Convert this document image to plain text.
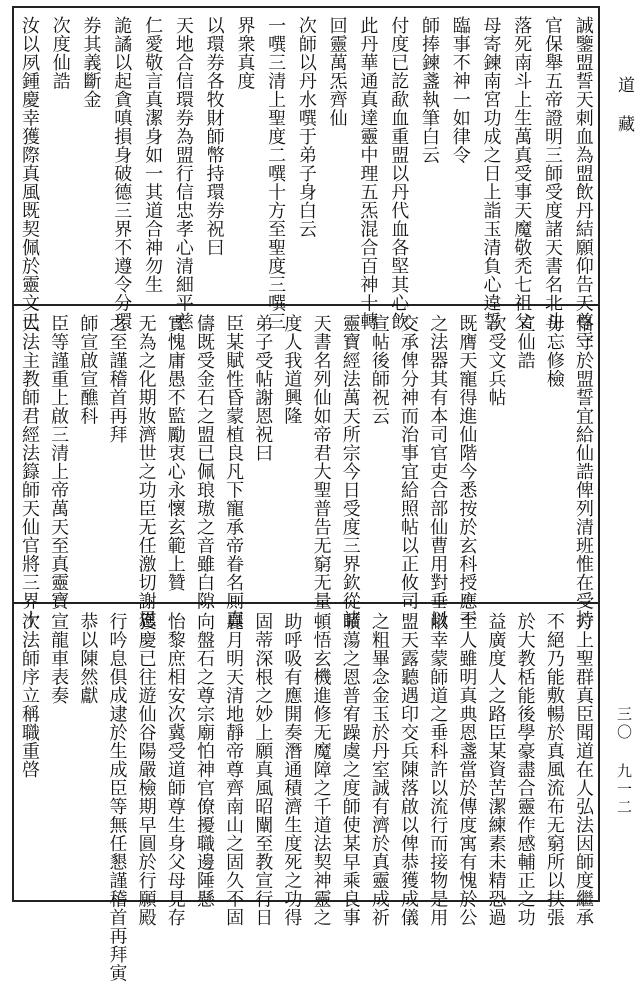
誠鑒盟誓天刺血為盟飲丹結願仰告天尊三
官保舉五帝證明三師受度諸天書名北斗
落死南斗上生萬真受事天魔敬禿七祖父
母寄鍊南宮功成之日上詣玉清負心違誓
臨事不神一如律令
師捧鍊盞執筆白云
付度已訖歃血重盟以丹代血各堅其心飲
此丹華通真達靈中理五炁混合百神十轉
回靈萬炁齊仙
次師以丹水噀于弟子身白云
一噀三清上聖度二噀十方至聖度三噀三
界衆真度
以環券各牧財師幣持環券祝曰
天地合信環券為盟行信忠孝心清細平慈
仁愛敬言真潔身如一其道合神勿生
詭譎以起貪嗔損身破德三界不遵令分環
券其義斷金
次度仙誥
汝以夙鍾慶幸獲際真風既契佩於靈文已
恪守於盟誓宜給仙誥俾列清班惟在受持
毋忘修檢
宣仙誥
次受文兵帖
既膺天寵得進仙階今悉按於玄科授應干
之法器其有本司官吏合部仙曹用對垂以
交承俾分神而治事宜給照帖以正攸司
宣帖後師祝云
靈寶經法萬天所宗今日受度三界欽從諸
天書名列仙如帝君大聖普告无窮无量
度人我道興隆
弟子受帖謝恩祝曰
臣某賦性昏蒙植良凡下寵承帝眷名厠真
儔既受金石之盟已佩琅璈之音雖白隙
實愧庸愚不監勵衷心永懷玄範上贊
无為之化期妝濟世之功臣无任激切謝恩
之至謹稽首再拜
師宣啟宣醮科
臣等謹重上啟三清上帝萬天至真靈寶
大法主教師君經法籙師天仙官將三界十
方上聖群真臣聞道在人弘法因師度繼承
不絕乃能敷暢於真風流布无窮所以扶張
於大教栝能後學豪盡合靈作感輔正之功
益廣度人之路臣某資苦潔練素未精恐過
至人雖明真典恩盞當於傳度寓有愧於公
敝幸蒙師道之垂科許以流行而接物是用
盟天露聽遇印交兵陳落啟以俾恭獲成儀
之粗畢念金玉於丹室誠有濟於真靈成祈
曠蕩之恩普宥躁虞之度師使某早乘良事
頓悟玄機進修无魔障之千道法契神靈之
助呼吸有應開奏潛通積濟生度死之功得
固蒂深根之妙上願真風昭闡至教宣行日
麗月明天清地靜帝尊齊南山之固久不固
向盤石之尊宗廟怕神官僚擾職邊陲懸
怡黎庶相安次冀受道師尊生身父母見存
獲慶已往遊仙谷陽嚴檢期早圓於行願殿
行吟息俱成逮於生成臣等無任懇謹稽首再拜寅
恭以陳然獻
宣龍車表奏
次法師序立稱職重啓
道藏
三〇 九一二
